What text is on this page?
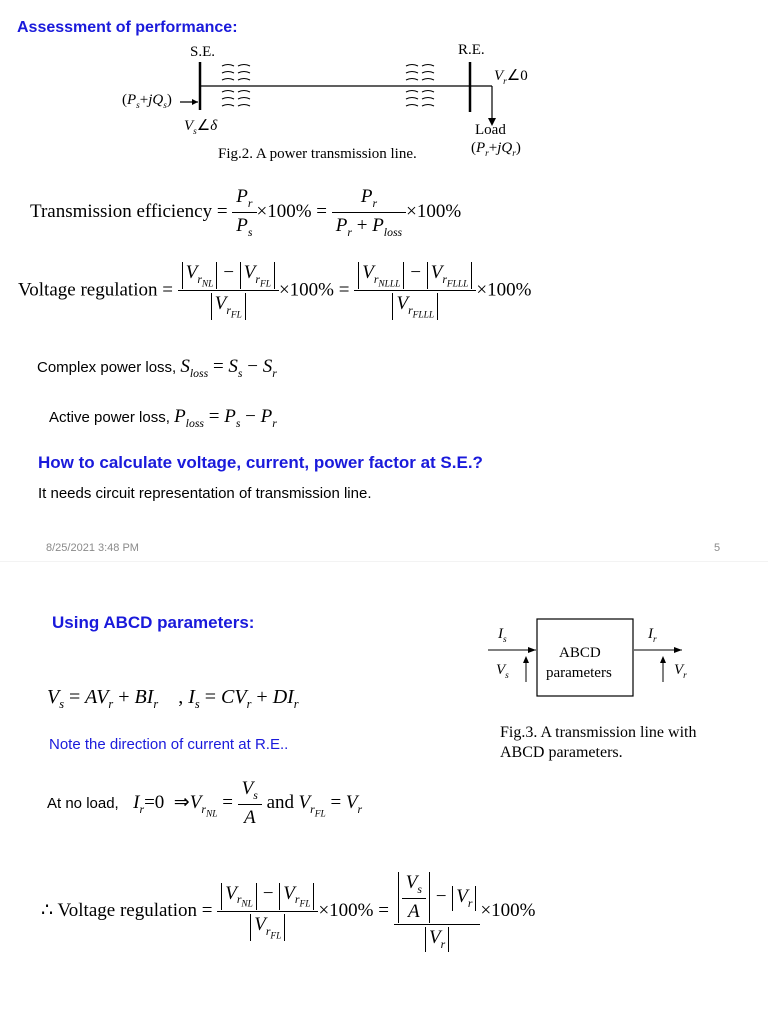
Assessment of performance:
S.E.	R.E.
$V_r\angle 0$
$(P_s+jQ_s)$
$V_s\angle\delta$	Load
$(P_r+jQ_r)$
Fig.2. A power transmission line.
Transmission efficiency = $\frac{P_r}{P_s} \times 100\% = \frac{P_r}{P_r + P_{loss}} \times 100\%$
Voltage regulation = $\frac{V_{r_{NL}} - V_{r_{FL}}}{V_{r_{FL}}} \times 100\% = \frac{V_{r_{NLLL}} - V_{r_{FLLL}}}{V_{r_{FLLL}}} \times 100\%$
Complex power loss, $S_{loss} = S_s - S_r$
Active power loss, $P_{loss} = P_s - P_r$
How to calculate voltage, current, power factor at S.E.?
It needs circuit representation of transmission line.
8/25/2021 3:48 PM	5
Using ABCD parameters:
$I_s$	$I_r$
$V_s$	$V_r$
ABCD
parameters
Fig.3. A transmission line with
ABCD parameters.
$V_s = AV_r + BI_r$    , $I_s = CV_r + DI_r$
Note the direction of current at R.E..
At no load, $I_r=0$  $\Rightarrow V_{r_{NL}} = \frac{V_s}{A}$ and $V_{r_{FL}} = V_r$
∴ Voltage regulation = $\frac{V_{r_{NL}} - V_{r_{FL}}}{V_{r_{FL}}} \times 100\% = \frac{\frac{V_s}{A} - V_r}{V_r} \times 100\%$
